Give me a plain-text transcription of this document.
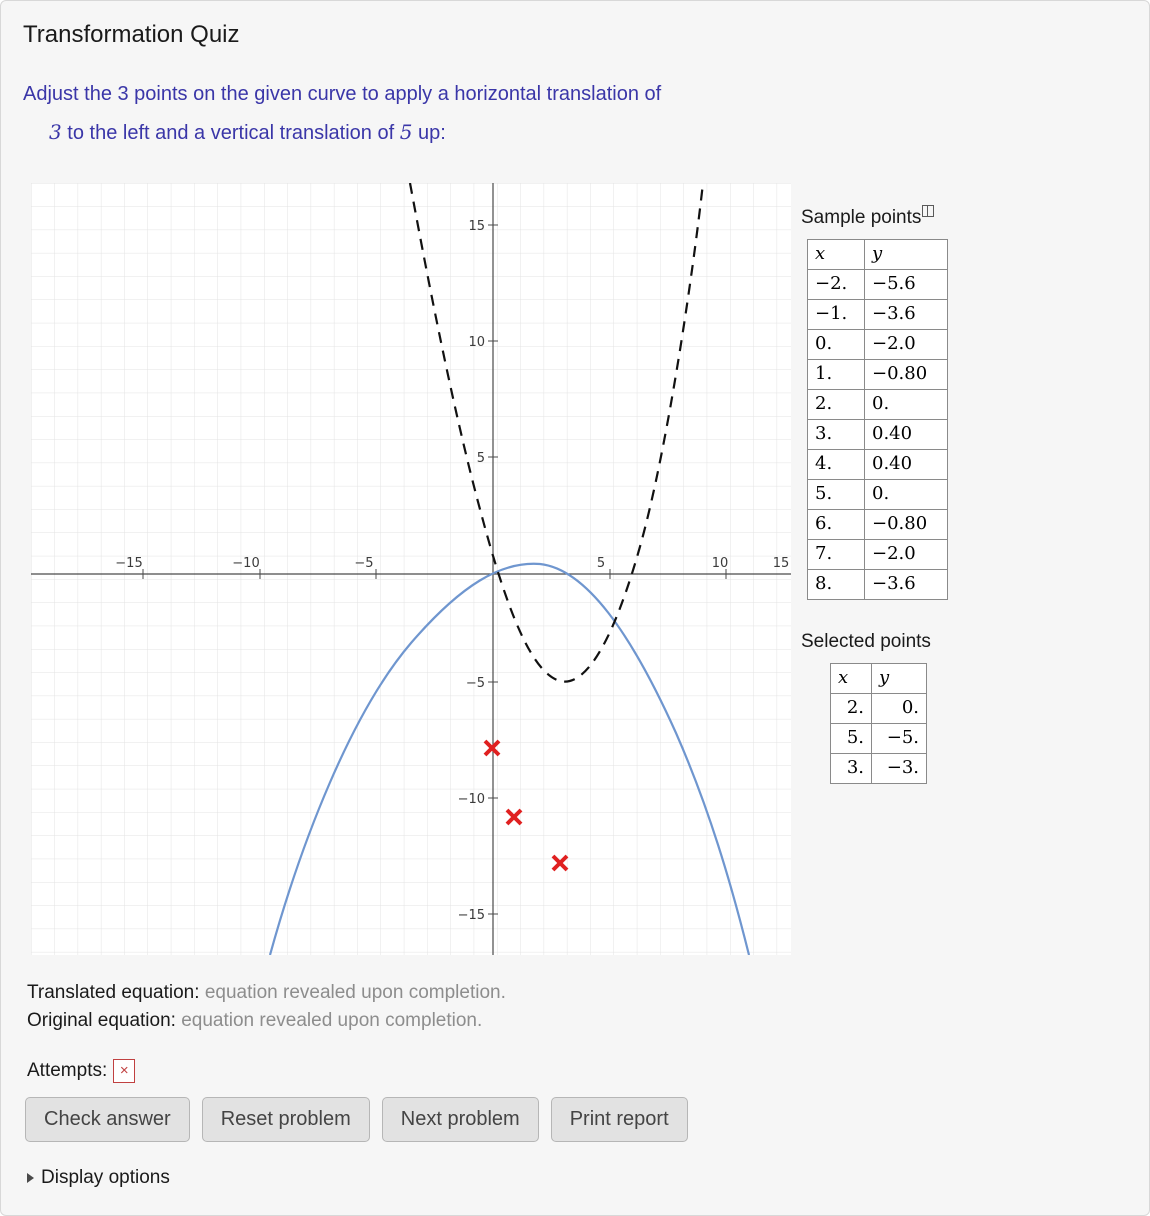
Transformation Quiz
Adjust the 3 points on the given curve to apply a horizontal translation of
3 to the left and a vertical translation of 5 up:
−15	−10	−5	5	10	15
15
10
5
−5
−10
−15
Sample points
x	y
−2.	−5.6
−1.	−3.6
0.	−2.0
1.	−0.80
2.	0.
3.	0.40
4.	0.40
5.	0.
6.	−0.80
7.	−2.0
8.	−3.6
Selected points
x	y
2.	0.
5.	−5.
3.	−3.
Translated equation: equation revealed upon completion.
Original equation: equation revealed upon completion.
Attempts: ×
Check answer	Reset problem	Next problem	Print report
Display options
